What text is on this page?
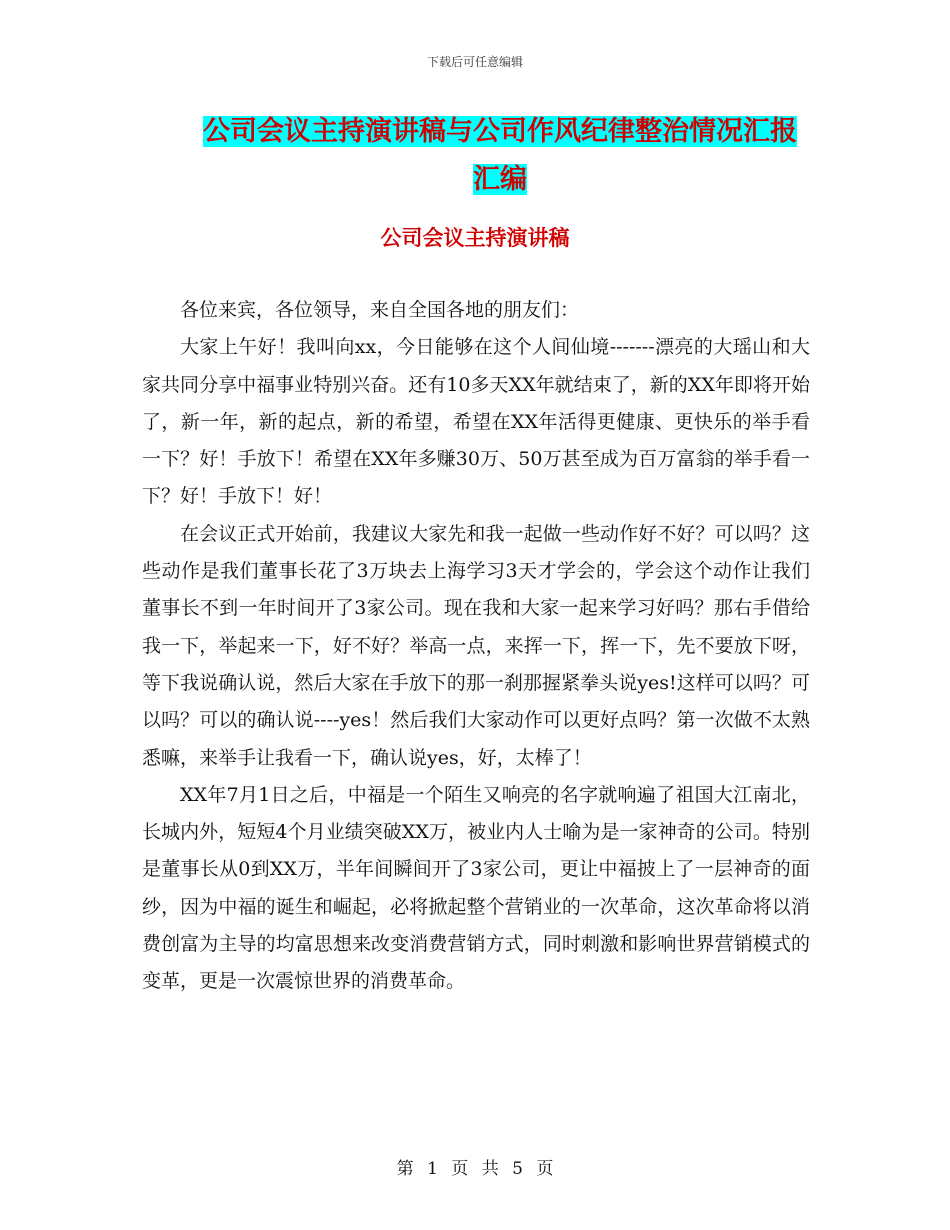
下载后可任意编辑
公司会议主持演讲稿与公司作风纪律整治情况汇报汇编
公司会议主持演讲稿

各位来宾，各位领导，来自全国各地的朋友们：

大家上午好！我叫向xx，今日能够在这个人间仙境-------漂亮的大瑶山和大家共同分享中福事业特别兴奋。还有10多天XX年就结束了，新的XX年即将开始了，新一年，新的起点，新的希望，希望在XX年活得更健康、更快乐的举手看一下？好！手放下！希望在XX年多赚30万、50万甚至成为百万富翁的举手看一下？好！手放下！好！

在会议正式开始前，我建议大家先和我一起做一些动作好不好？可以吗？这些动作是我们董事长花了3万块去上海学习3天才学会的，学会这个动作让我们董事长不到一年时间开了3家公司。现在我和大家一起来学习好吗？那右手借给我一下，举起来一下，好不好？举高一点，来挥一下，挥一下，先不要放下呀，等下我说确认说，然后大家在手放下的那一刹那握紧拳头说yes!这样可以吗？可以吗？可以的确认说----yes！然后我们大家动作可以更好点吗？第一次做不太熟悉嘛，来举手让我看一下，确认说yes，好，太棒了！

XX年7月1日之后，中福是一个陌生又响亮的名字就响遍了祖国大江南北，长城内外，短短4个月业绩突破XX万，被业内人士喻为是一家神奇的公司。特别是董事长从0到XX万，半年间瞬间开了3家公司，更让中福披上了一层神奇的面纱，因为中福的诞生和崛起，必将掀起整个营销业的一次革命，这次革命将以消费创富为主导的均富思想来改变消费营销方式，同时刺激和影响世界营销模式的变革，更是一次震惊世界的消费革命。

第 1 页 共 5 页
